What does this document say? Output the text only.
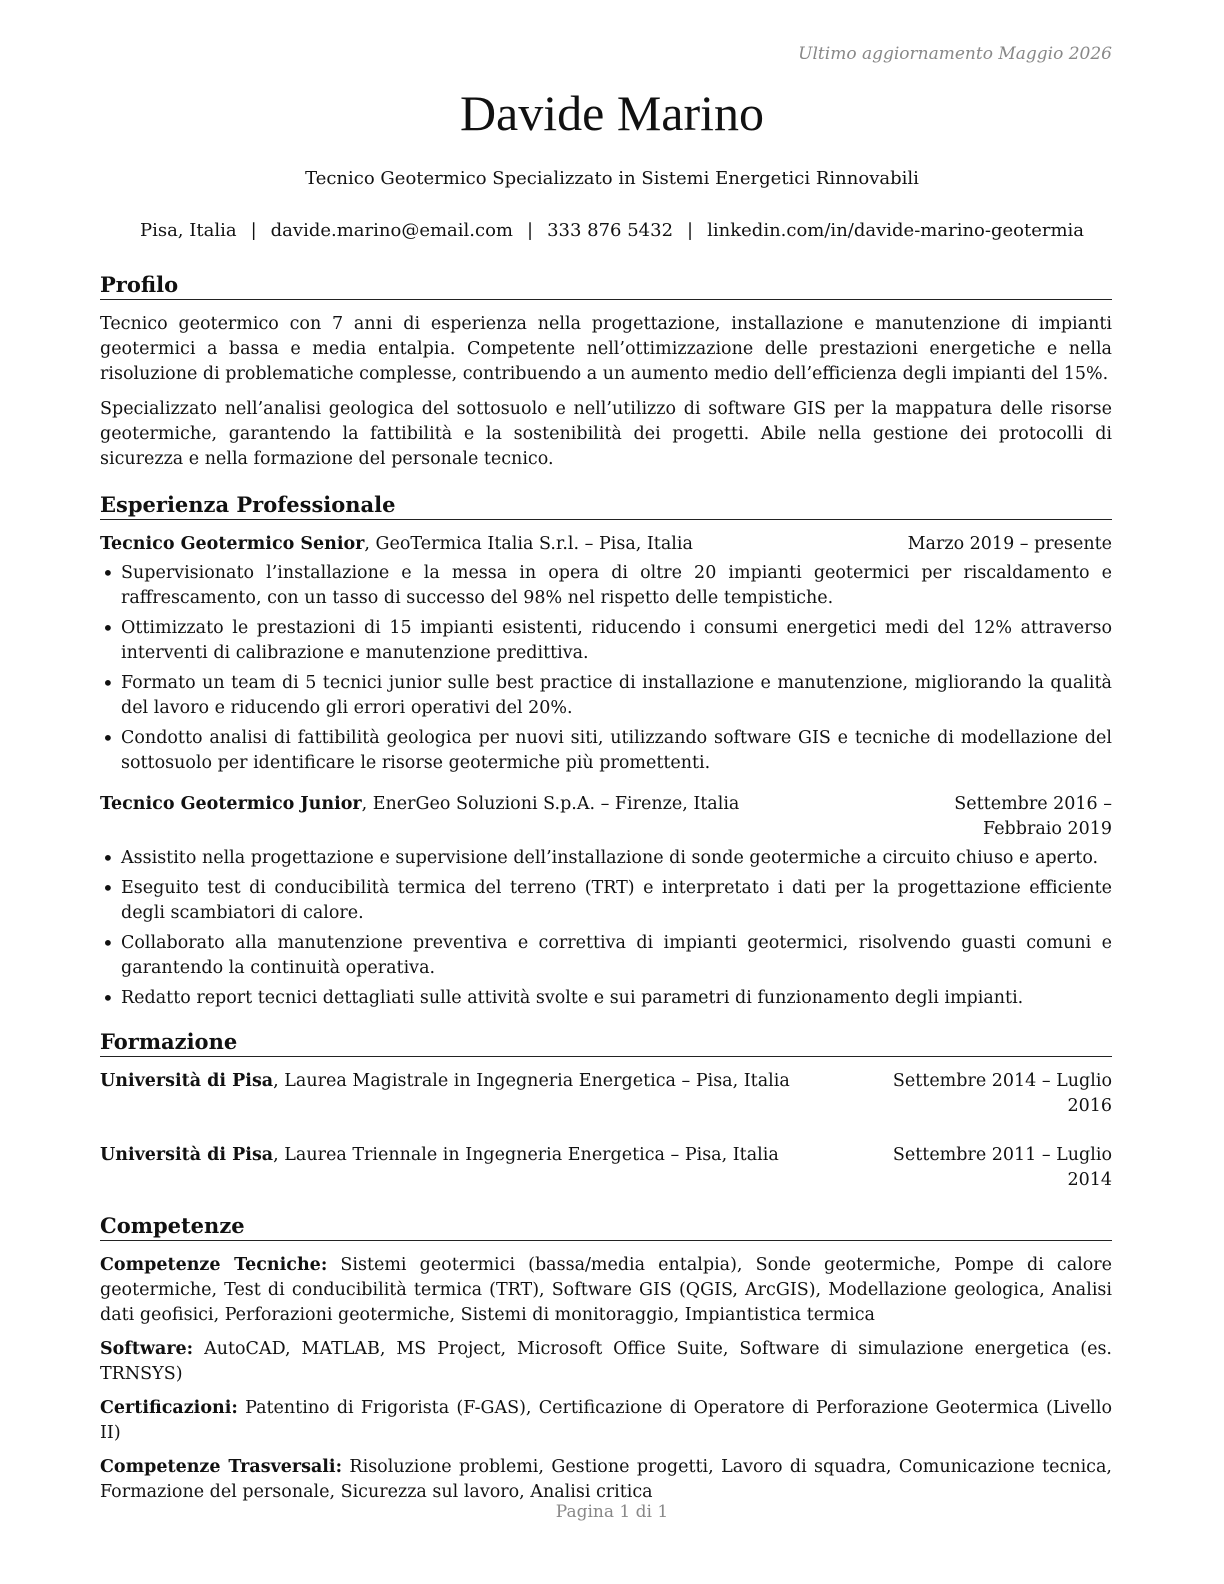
Ultimo aggiornamento Maggio 2026
Davide Marino
Tecnico Geotermico Specializzato in Sistemi Energetici Rinnovabili
Pisa, Italia | davide.marino@email.com | 333 876 5432 | linkedin.com/in/davide-marino-geotermia
Profilo

Tecnico geotermico con 7 anni di esperienza nella progettazione, installazione e manutenzione di impianti geotermici a bassa e media entalpia. Competente nell’ottimizzazione delle prestazioni energetiche e nella risoluzione di problematiche complesse, contribuendo a un aumento medio dell’efficienza degli impianti del 15%.

Specializzato nell’analisi geologica del sottosuolo e nell’utilizzo di software GIS per la mappatura delle risorse geotermiche, garantendo la fattibilità e la sostenibilità dei progetti. Abile nella gestione dei protocolli di sicurezza e nella formazione del personale tecnico.

Esperienza Professionale
Tecnico Geotermico Senior, GeoTermica Italia S.r.l. – Pisa, Italia	Marzo 2019 – presente
• Supervisionato l’installazione e la messa in opera di oltre 20 impianti geotermici per riscaldamento e raffrescamento, con un tasso di successo del 98% nel rispetto delle tempistiche.
• Ottimizzato le prestazioni di 15 impianti esistenti, riducendo i consumi energetici medi del 12% attraverso interventi di calibrazione e manutenzione predittiva.
• Formato un team di 5 tecnici junior sulle best practice di installazione e manutenzione, migliorando la qualità del lavoro e riducendo gli errori operativi del 20%.
• Condotto analisi di fattibilità geologica per nuovi siti, utilizzando software GIS e tecniche di modellazione del sottosuolo per identificare le risorse geotermiche più promettenti.
Tecnico Geotermico Junior, EnerGeo Soluzioni S.p.A. – Firenze, Italia	Settembre 2016 – Febbraio 2019
• Assistito nella progettazione e supervisione dell’installazione di sonde geotermiche a circuito chiuso e aperto.
• Eseguito test di conducibilità termica del terreno (TRT) e interpretato i dati per la progettazione efficiente degli scambiatori di calore.
• Collaborato alla manutenzione preventiva e correttiva di impianti geotermici, risolvendo guasti comuni e garantendo la continuità operativa.
• Redatto report tecnici dettagliati sulle attività svolte e sui parametri di funzionamento degli impianti.
Formazione
Università di Pisa, Laurea Magistrale in Ingegneria Energetica – Pisa, Italia	Settembre 2014 – Luglio 2016
Università di Pisa, Laurea Triennale in Ingegneria Energetica – Pisa, Italia	Settembre 2011 – Luglio 2014
Competenze

Competenze Tecniche: Sistemi geotermici (bassa/media entalpia), Sonde geotermiche, Pompe di calore geotermiche, Test di conducibilità termica (TRT), Software GIS (QGIS, ArcGIS), Modellazione geologica, Analisi dati geofisici, Perforazioni geotermiche, Sistemi di monitoraggio, Impiantistica termica

Software: AutoCAD, MATLAB, MS Project, Microsoft Office Suite, Software di simulazione energetica (es. TRNSYS)

Certificazioni: Patentino di Frigorista (F-GAS), Certificazione di Operatore di Perforazione Geotermica (Livello II)

Competenze Trasversali: Risoluzione problemi, Gestione progetti, Lavoro di squadra, Comunicazione tecnica, Formazione del personale, Sicurezza sul lavoro, Analisi critica

Pagina 1 di 1
